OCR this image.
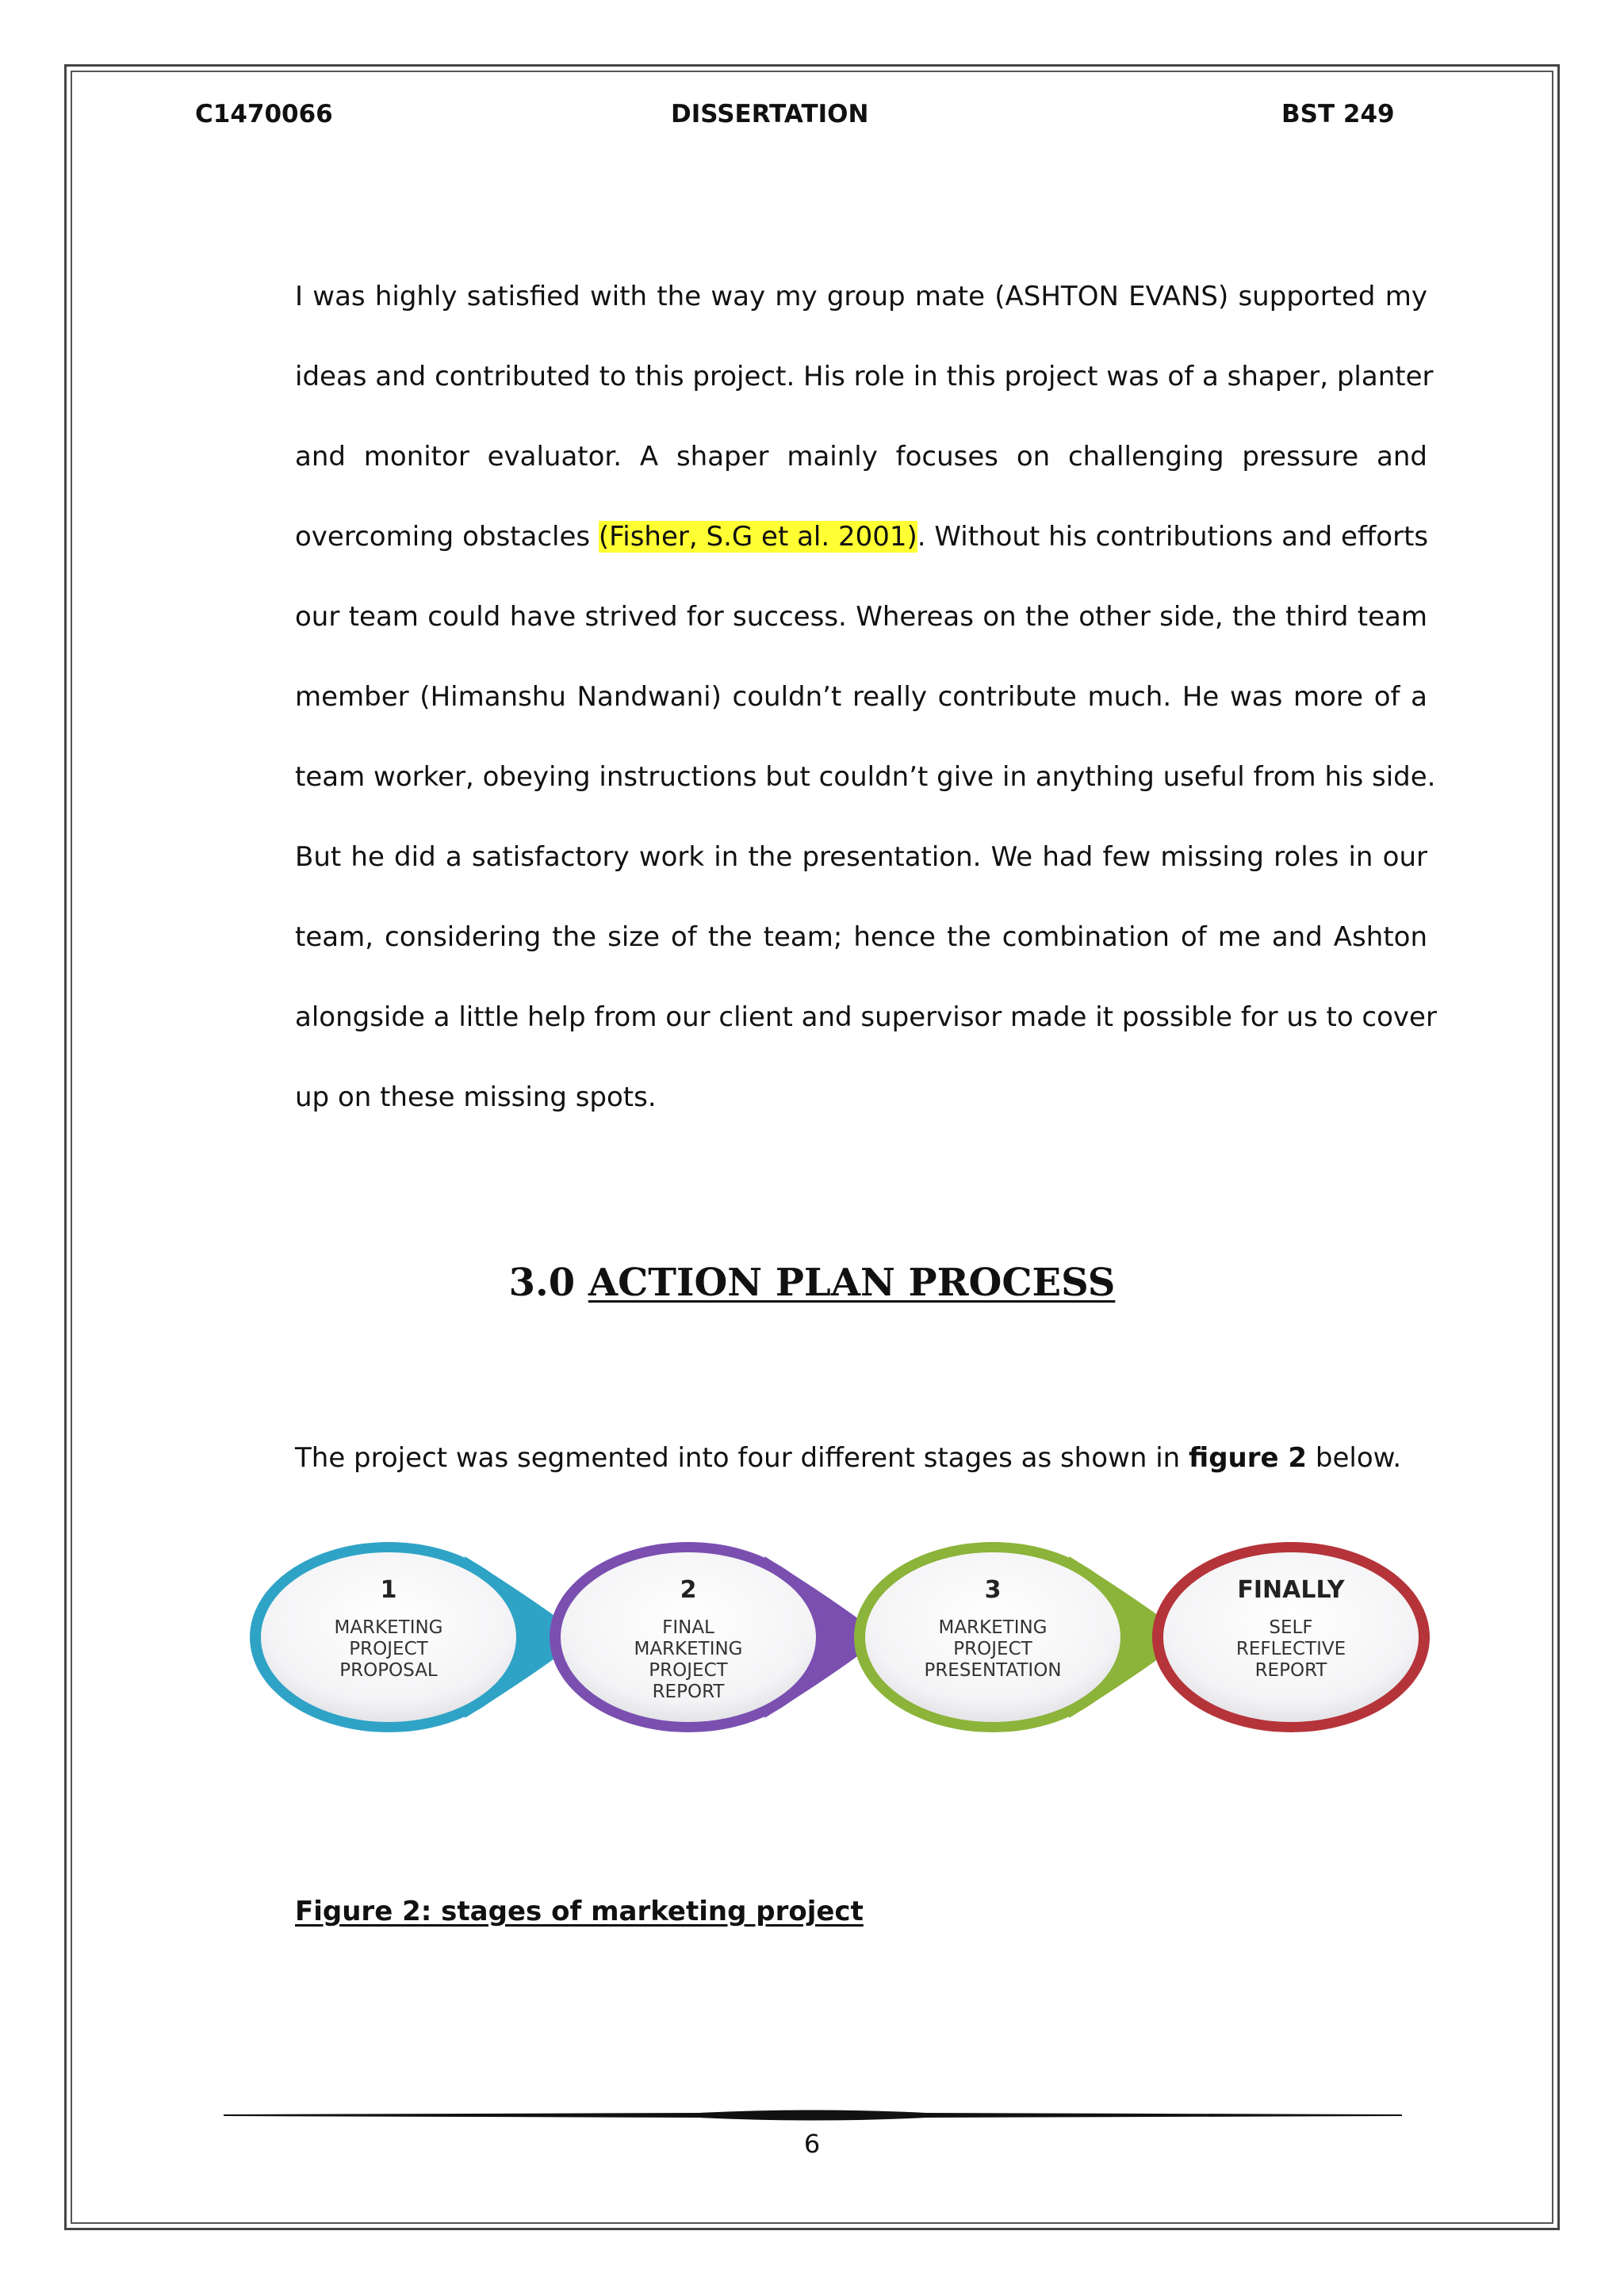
C1470066	DISSERTATION	BST 249
I was highly satisfied with the way my group mate (ASHTON EVANS) supported my
ideas and contributed to this project. His role in this project was of a shaper, planter
and monitor evaluator. A shaper mainly focuses on challenging pressure and
overcoming obstacles (Fisher, S.G et al. 2001). Without his contributions and efforts
our team could have strived for success. Whereas on the other side, the third team
member (Himanshu Nandwani) couldn’t really contribute much. He was more of a
team worker, obeying instructions but couldn’t give in anything useful from his side.
But he did a satisfactory work in the presentation. We had few missing roles in our
team, considering the size of the team; hence the combination of me and Ashton
alongside a little help from our client and supervisor made it possible for us to cover
up on these missing spots.
3.0 ACTION PLAN PROCESS
The project was segmented into four different stages as shown in figure 2 below.
1
MARKETING
PROJECT
PROPOSAL
2
FINAL
MARKETING
PROJECT
REPORT
3
MARKETING
PROJECT
PRESENTATION
FINALLY
SELF
REFLECTIVE
REPORT
Figure 2: stages of marketing project
6
